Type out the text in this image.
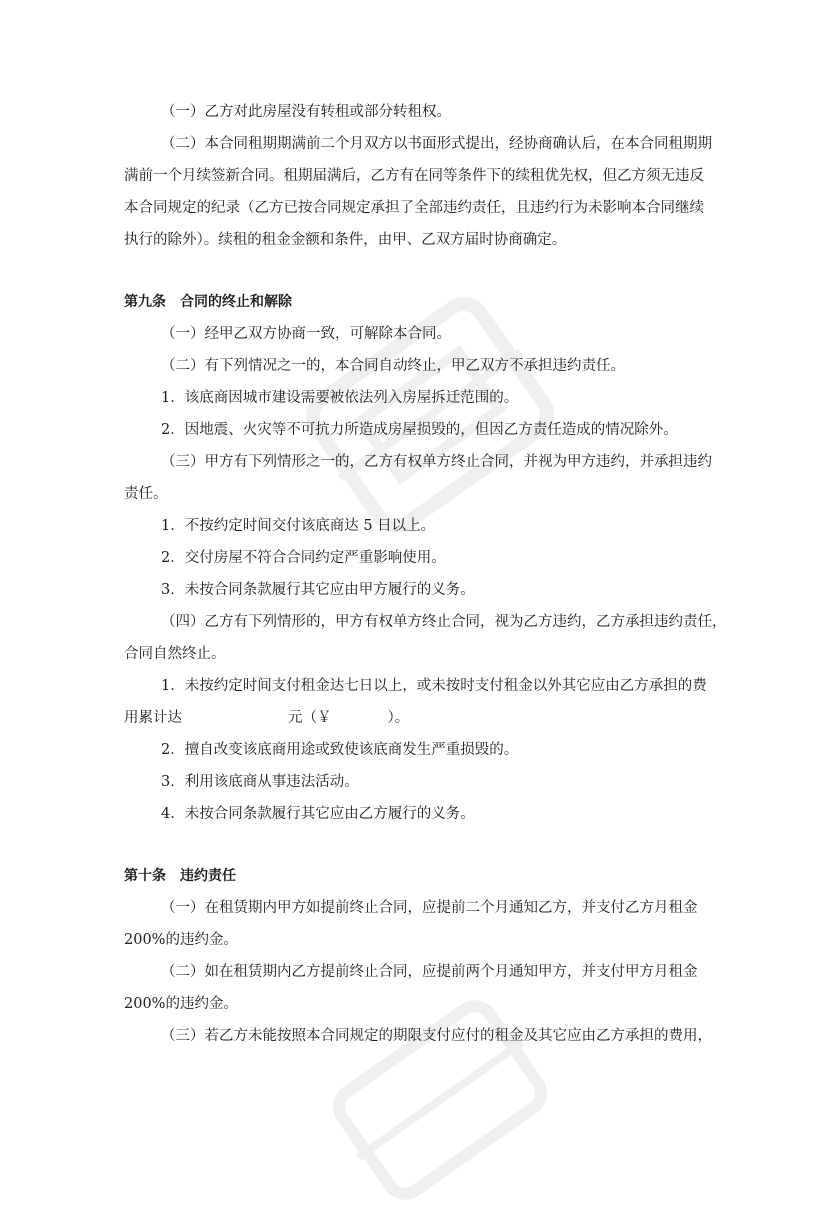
（一）乙方对此房屋没有转租或部分转租权。

（二）本合同租期期满前二个月双方以书面形式提出，经协商确认后，在本合同租期期

满前一个月续签新合同。租期届满后，乙方有在同等条件下的续租优先权，但乙方须无违反

本合同规定的纪录（乙方已按合同规定承担了全部违约责任，且违约行为未影响本合同继续

执行的除外）。续租的租金金额和条件，由甲、乙双方届时协商确定。

第九条　合同的终止和解除

（一）经甲乙双方协商一致，可解除本合同。

（二）有下列情况之一的，本合同自动终止，甲乙双方不承担违约责任。

1．该底商因城市建设需要被依法列入房屋拆迁范围的。

2．因地震、火灾等不可抗力所造成房屋损毁的，但因乙方责任造成的情况除外。

（三）甲方有下列情形之一的，乙方有权单方终止合同，并视为甲方违约，并承担违约

责任。

1．不按约定时间交付该底商达 5 日以上。

2．交付房屋不符合合同约定严重影响使用。

3．未按合同条款履行其它应由甲方履行的义务。

（四）乙方有下列情形的，甲方有权单方终止合同，视为乙方违约，乙方承担违约责任，

合同自然终止。

1．未按约定时间支付租金达七日以上，或未按时支付租金以外其它应由乙方承担的费

用累计达	元（￥	）。

2．擅自改变该底商用途或致使该底商发生严重损毁的。

3．利用该底商从事违法活动。

4．未按合同条款履行其它应由乙方履行的义务。

第十条　违约责任

（一）在租赁期内甲方如提前终止合同，应提前二个月通知乙方，并支付乙方月租金

200%的违约金。

（二）如在租赁期内乙方提前终止合同，应提前两个月通知甲方，并支付甲方月租金

200%的违约金。

（三）若乙方未能按照本合同规定的期限支付应付的租金及其它应由乙方承担的费用，
